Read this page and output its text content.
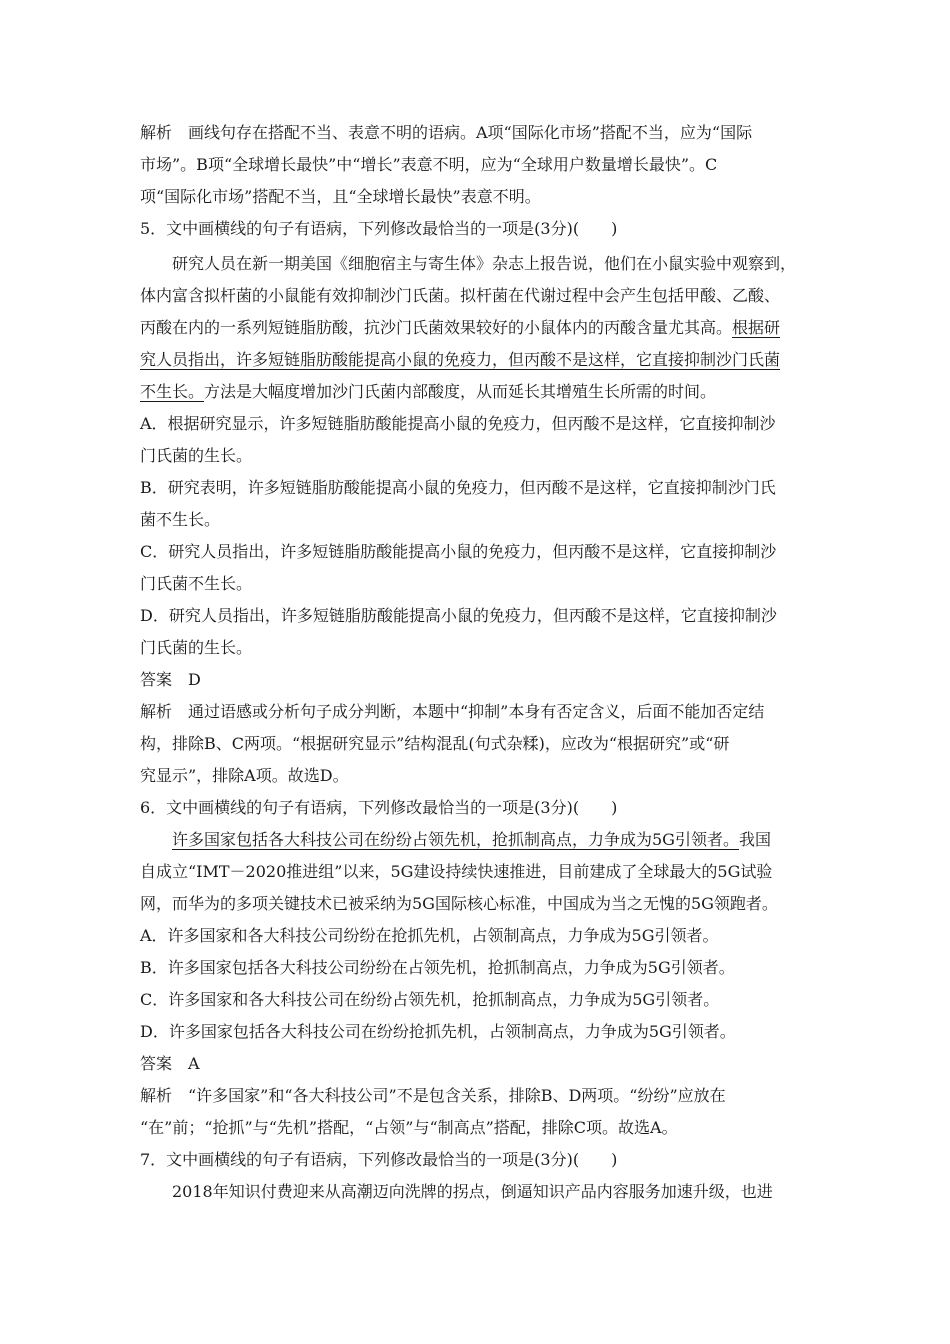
解析　画线句存在搭配不当、表意不明的语病。A项“国际化市场”搭配不当，应为“国际
市场”。B项“全球增长最快”中“增长”表意不明，应为“全球用户数量增长最快”。C
项“国际化市场”搭配不当，且“全球增长最快”表意不明。
5．文中画横线的句子有语病，下列修改最恰当的一项是(3分)(　　)
研究人员在新一期美国《细胞宿主与寄生体》杂志上报告说，他们在小鼠实验中观察到，
体内富含拟杆菌的小鼠能有效抑制沙门氏菌。拟杆菌在代谢过程中会产生包括甲酸、乙酸、
丙酸在内的一系列短链脂肪酸，抗沙门氏菌效果较好的小鼠体内的丙酸含量尤其高。根据研
究人员指出，许多短链脂肪酸能提高小鼠的免疫力，但丙酸不是这样，它直接抑制沙门氏菌
不生长。方法是大幅度增加沙门氏菌内部酸度，从而延长其增殖生长所需的时间。
A．根据研究显示，许多短链脂肪酸能提高小鼠的免疫力，但丙酸不是这样，它直接抑制沙
门氏菌的生长。
B．研究表明，许多短链脂肪酸能提高小鼠的免疫力，但丙酸不是这样，它直接抑制沙门氏
菌不生长。
C．研究人员指出，许多短链脂肪酸能提高小鼠的免疫力，但丙酸不是这样，它直接抑制沙
门氏菌不生长。
D．研究人员指出，许多短链脂肪酸能提高小鼠的免疫力，但丙酸不是这样，它直接抑制沙
门氏菌的生长。
答案　D
解析　通过语感或分析句子成分判断，本题中“抑制”本身有否定含义，后面不能加否定结
构，排除B、C两项。“根据研究显示”结构混乱(句式杂糅)，应改为“根据研究”或“研
究显示”，排除A项。故选D。
6．文中画横线的句子有语病，下列修改最恰当的一项是(3分)(　　)
许多国家包括各大科技公司在纷纷占领先机，抢抓制高点，力争成为5G引领者。我国
自成立“IMT－2020推进组”以来，5G建设持续快速推进，目前建成了全球最大的5G试验
网，而华为的多项关键技术已被采纳为5G国际核心标准，中国成为当之无愧的5G领跑者。
A．许多国家和各大科技公司纷纷在抢抓先机，占领制高点，力争成为5G引领者。
B．许多国家包括各大科技公司纷纷在占领先机，抢抓制高点，力争成为5G引领者。
C．许多国家和各大科技公司在纷纷占领先机，抢抓制高点，力争成为5G引领者。
D．许多国家包括各大科技公司在纷纷抢抓先机，占领制高点，力争成为5G引领者。
答案　A
解析　“许多国家”和“各大科技公司”不是包含关系，排除B、D两项。“纷纷”应放在
“在”前；“抢抓”与“先机”搭配，“占领”与“制高点”搭配，排除C项。故选A。
7．文中画横线的句子有语病，下列修改最恰当的一项是(3分)(　　)
2018年知识付费迎来从高潮迈向洗牌的拐点，倒逼知识产品内容服务加速升级，也进
